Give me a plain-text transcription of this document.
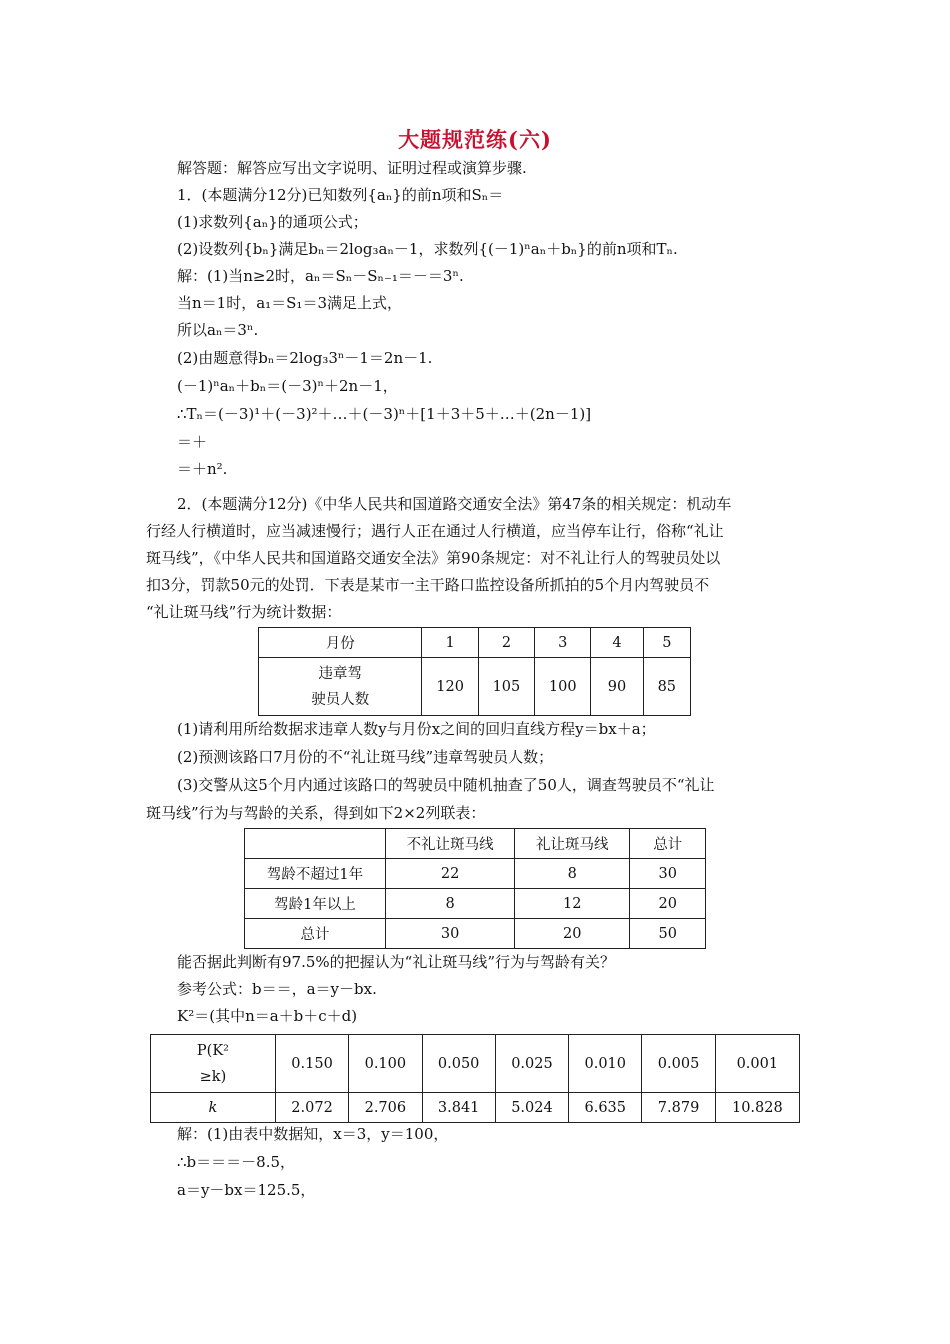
大题规范练(六)
解答题：解答应写出文字说明、证明过程或演算步骤.
1．(本题满分12分)已知数列{aₙ}的前n项和Sₙ＝
(1)求数列{aₙ}的通项公式；
(2)设数列{bₙ}满足bₙ＝2log₃aₙ－1，求数列{(－1)ⁿaₙ＋bₙ}的前n项和Tₙ.
解：(1)当n≥2时，aₙ＝Sₙ－Sₙ₋₁＝－＝3ⁿ.
当n＝1时，a₁＝S₁＝3满足上式，
所以aₙ＝3ⁿ.
(2)由题意得bₙ＝2log₃3ⁿ－1＝2n－1.
(－1)ⁿaₙ＋bₙ＝(－3)ⁿ＋2n－1，
∴Tₙ＝(－3)¹＋(－3)²＋…＋(－3)ⁿ＋[1＋3＋5＋…＋(2n－1)]
＝＋
＝＋n².
2．(本题满分12分)《中华人民共和国道路交通安全法》第47条的相关规定：机动车
行经人行横道时，应当减速慢行；遇行人正在通过人行横道，应当停车让行，俗称“礼让
斑马线”，《中华人民共和国道路交通安全法》第90条规定：对不礼让行人的驾驶员处以
扣3分，罚款50元的处罚．下表是某市一主干路口监控设备所抓拍的5个月内驾驶员不
“礼让斑马线”行为统计数据：
月份	1	2	3	4	5

违章驾
驶员人数	120	105	100	90	85
(1)请利用所给数据求违章人数y与月份x之间的回归直线方程y＝bx＋a；
(2)预测该路口7月份的不“礼让斑马线”违章驾驶员人数；
(3)交警从这5个月内通过该路口的驾驶员中随机抽查了50人，调查驾驶员不“礼让
斑马线”行为与驾龄的关系，得到如下2×2列联表：
	不礼让斑马线	礼让斑马线	总计
驾龄不超过1年	22	8	30
驾龄1年以上	8	12	20
总计	30	20	50
能否据此判断有97.5%的把握认为“礼让斑马线”行为与驾龄有关？
参考公式：b＝＝，a＝y－bx.
K²＝(其中n＝a＋b＋c＋d)
P(K²
≥k)	0.150	0.100	0.050	0.025	0.010	0.005	0.001
k	2.072	2.706	3.841	5.024	6.635	7.879	10.828
解：(1)由表中数据知，x＝3，y＝100，
∴b＝＝＝－8.5，
a＝y－bx＝125.5，
